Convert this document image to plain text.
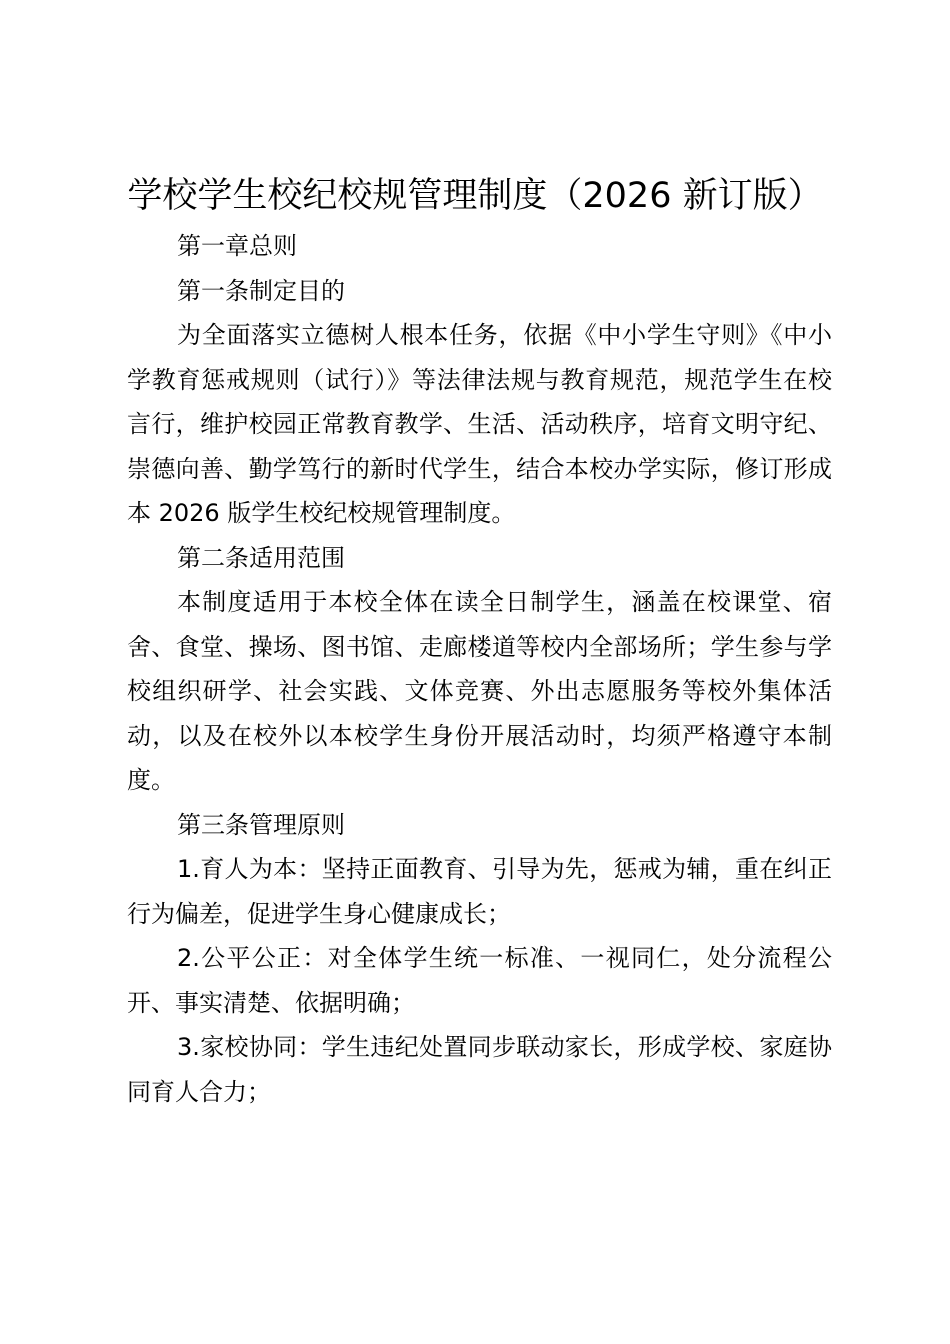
学校学生校纪校规管理制度（2026 新订版）

第一章总则

第一条制定目的

为全面落实立德树人根本任务，依据《中小学生守则》《中小学教育惩戒规则（试行）》等法律法规与教育规范，规范学生在校言行，维护校园正常教育教学、生活、活动秩序，培育文明守纪、崇德向善、勤学笃行的新时代学生，结合本校办学实际，修订形成本 2026 版学生校纪校规管理制度。

第二条适用范围

本制度适用于本校全体在读全日制学生，涵盖在校课堂、宿舍、食堂、操场、图书馆、走廊楼道等校内全部场所；学生参与学校组织研学、社会实践、文体竞赛、外出志愿服务等校外集体活动，以及在校外以本校学生身份开展活动时，均须严格遵守本制度。

第三条管理原则

1.育人为本：坚持正面教育、引导为先，惩戒为辅，重在纠正行为偏差，促进学生身心健康成长；

2.公平公正：对全体学生统一标准、一视同仁，处分流程公开、事实清楚、依据明确；

3.家校协同：学生违纪处置同步联动家长，形成学校、家庭协同育人合力；
